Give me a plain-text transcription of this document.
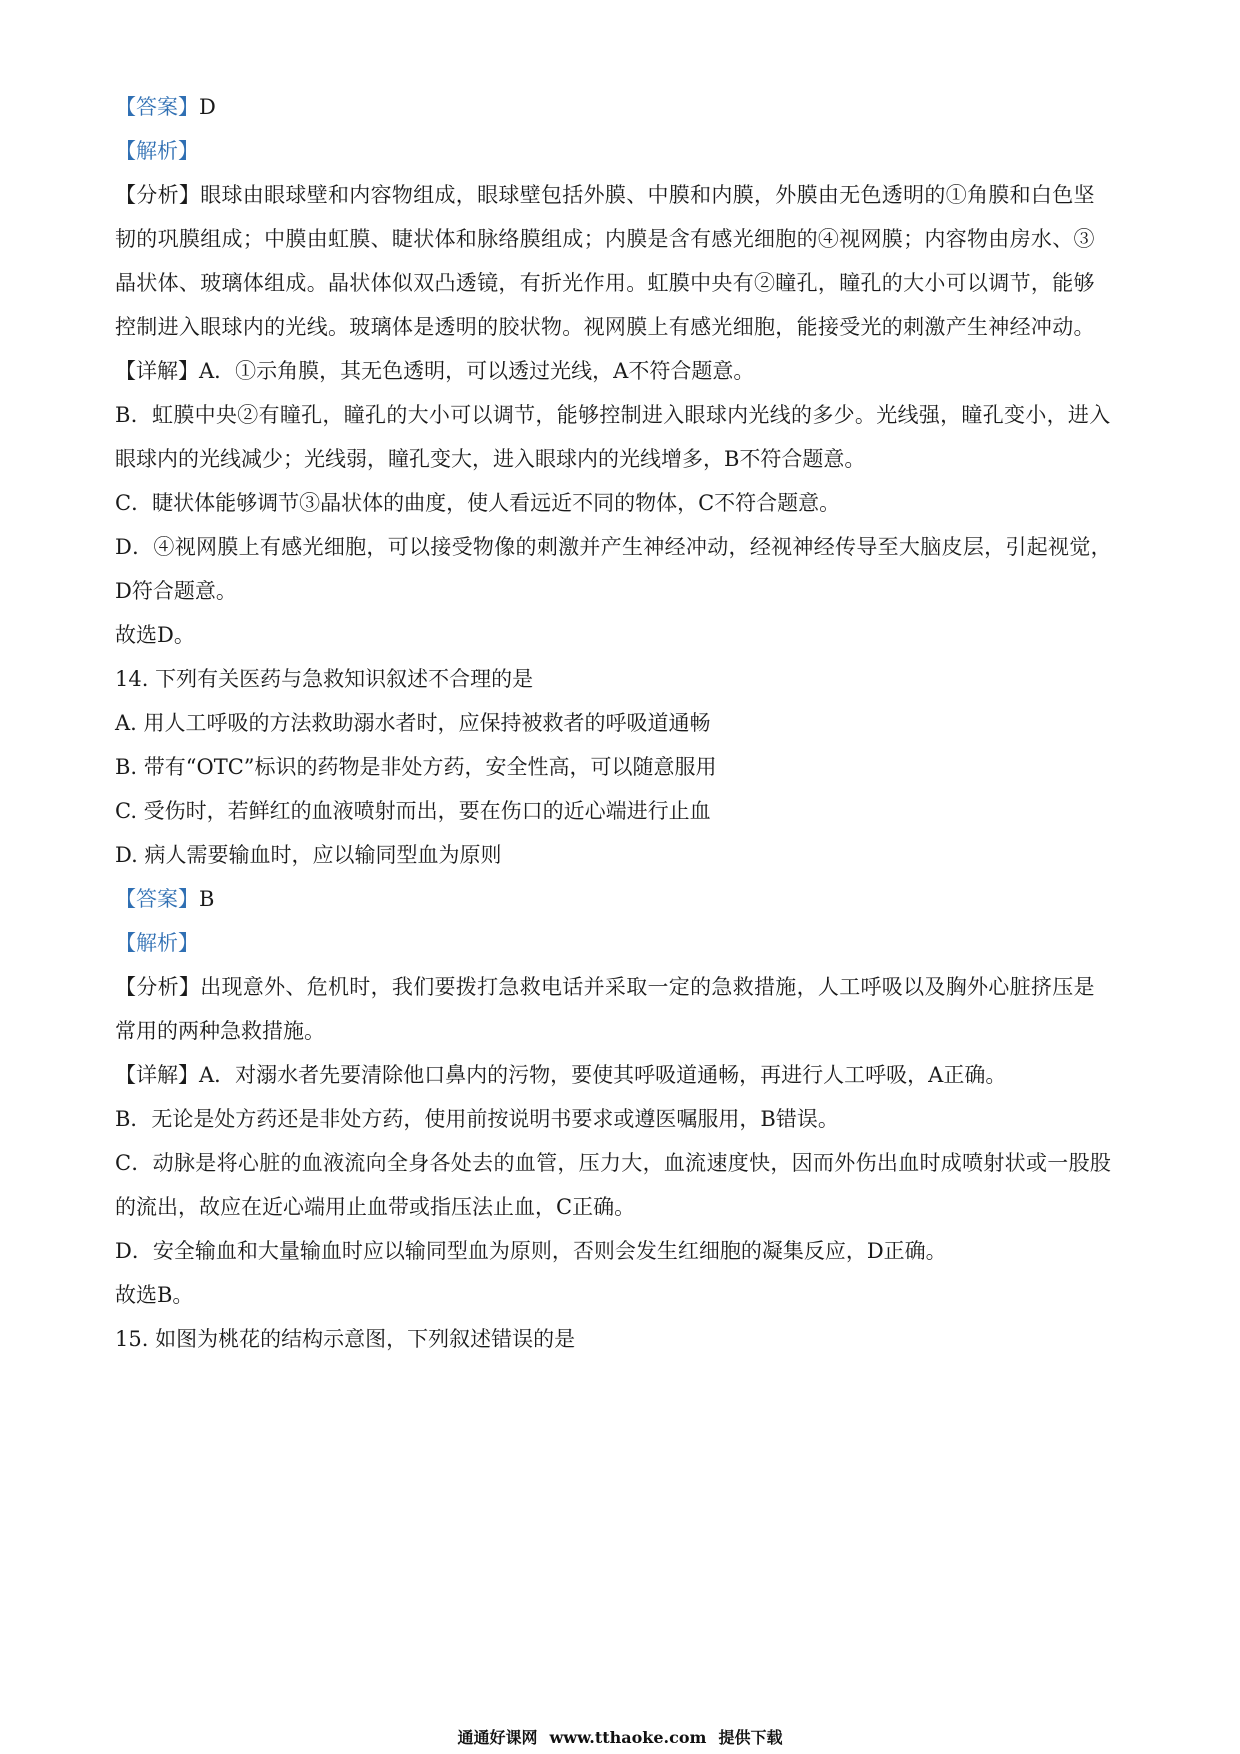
【答案】D
【解析】
【分析】眼球由眼球壁和内容物组成，眼球壁包括外膜、中膜和内膜，外膜由无色透明的①角膜和白色坚
韧的巩膜组成；中膜由虹膜、睫状体和脉络膜组成；内膜是含有感光细胞的④视网膜；内容物由房水、③
晶状体、玻璃体组成。晶状体似双凸透镜，有折光作用。虹膜中央有②瞳孔，瞳孔的大小可以调节，能够
控制进入眼球内的光线。玻璃体是透明的胶状物。视网膜上有感光细胞，能接受光的刺激产生神经冲动。
【详解】A．①示角膜，其无色透明，可以透过光线，A不符合题意。
B．虹膜中央②有瞳孔，瞳孔的大小可以调节，能够控制进入眼球内光线的多少。光线强，瞳孔变小，进入
眼球内的光线减少；光线弱，瞳孔变大，进入眼球内的光线增多，B不符合题意。
C．睫状体能够调节③晶状体的曲度，使人看远近不同的物体，C不符合题意。
D．④视网膜上有感光细胞，可以接受物像的刺激并产生神经冲动，经视神经传导至大脑皮层，引起视觉，
D符合题意。
故选D。
14. 下列有关医药与急救知识叙述不合理的是
A. 用人工呼吸的方法救助溺水者时，应保持被救者的呼吸道通畅
B. 带有“OTC”标识的药物是非处方药，安全性高，可以随意服用
C. 受伤时，若鲜红的血液喷射而出，要在伤口的近心端进行止血
D. 病人需要输血时，应以输同型血为原则
【答案】B
【解析】
【分析】出现意外、危机时，我们要拨打急救电话并采取一定的急救措施，人工呼吸以及胸外心脏挤压是
常用的两种急救措施。
【详解】A．对溺水者先要清除他口鼻内的污物，要使其呼吸道通畅，再进行人工呼吸，A正确。
B．无论是处方药还是非处方药，使用前按说明书要求或遵医嘱服用，B错误。
C．动脉是将心脏的血液流向全身各处去的血管，压力大，血流速度快，因而外伤出血时成喷射状或一股股
的流出，故应在近心端用止血带或指压法止血，C正确。
D．安全输血和大量输血时应以输同型血为原则，否则会发生红细胞的凝集反应，D正确。
故选B。
15. 如图为桃花的结构示意图，下列叙述错误的是
通通好课网 www.tthaoke.com 提供下载
